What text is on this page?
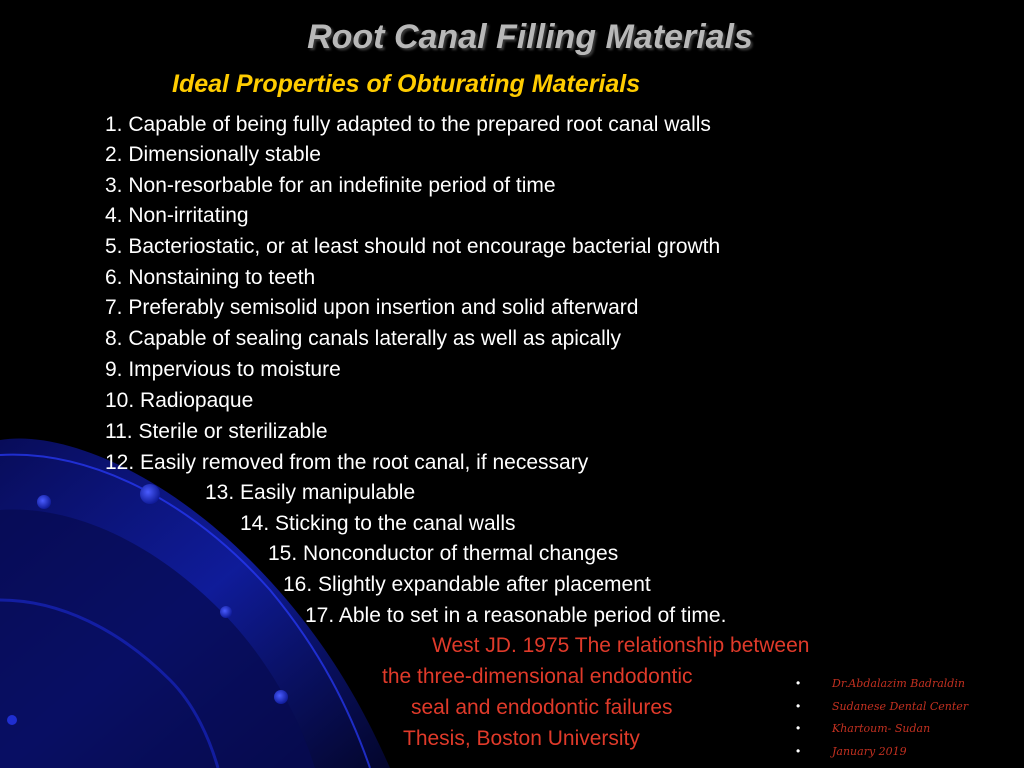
Root Canal Filling Materials
Ideal Properties of Obturating Materials
1. Capable of being fully adapted to the prepared root canal walls
2. Dimensionally stable
3. Non-resorbable for an indefinite period of time
4. Non-irritating
5. Bacteriostatic, or at least should not encourage bacterial growth
6. Nonstaining to teeth
7. Preferably semisolid upon insertion and solid afterward
8. Capable of sealing canals laterally as well as apically
9. Impervious to moisture
10. Radiopaque
11. Sterile or sterilizable
12. Easily removed from the root canal, if necessary
13. Easily manipulable
14. Sticking to the canal walls
15. Nonconductor of thermal changes
16. Slightly expandable after placement
17. Able to set in a reasonable period of time.
West JD. 1975 The relationship between
the three-dimensional endodontic
seal and endodontic failures
Thesis, Boston University
•	Dr.Abdalazim Badraldin
•	Sudanese Dental Center
•	Khartoum- Sudan
•	January 2019
